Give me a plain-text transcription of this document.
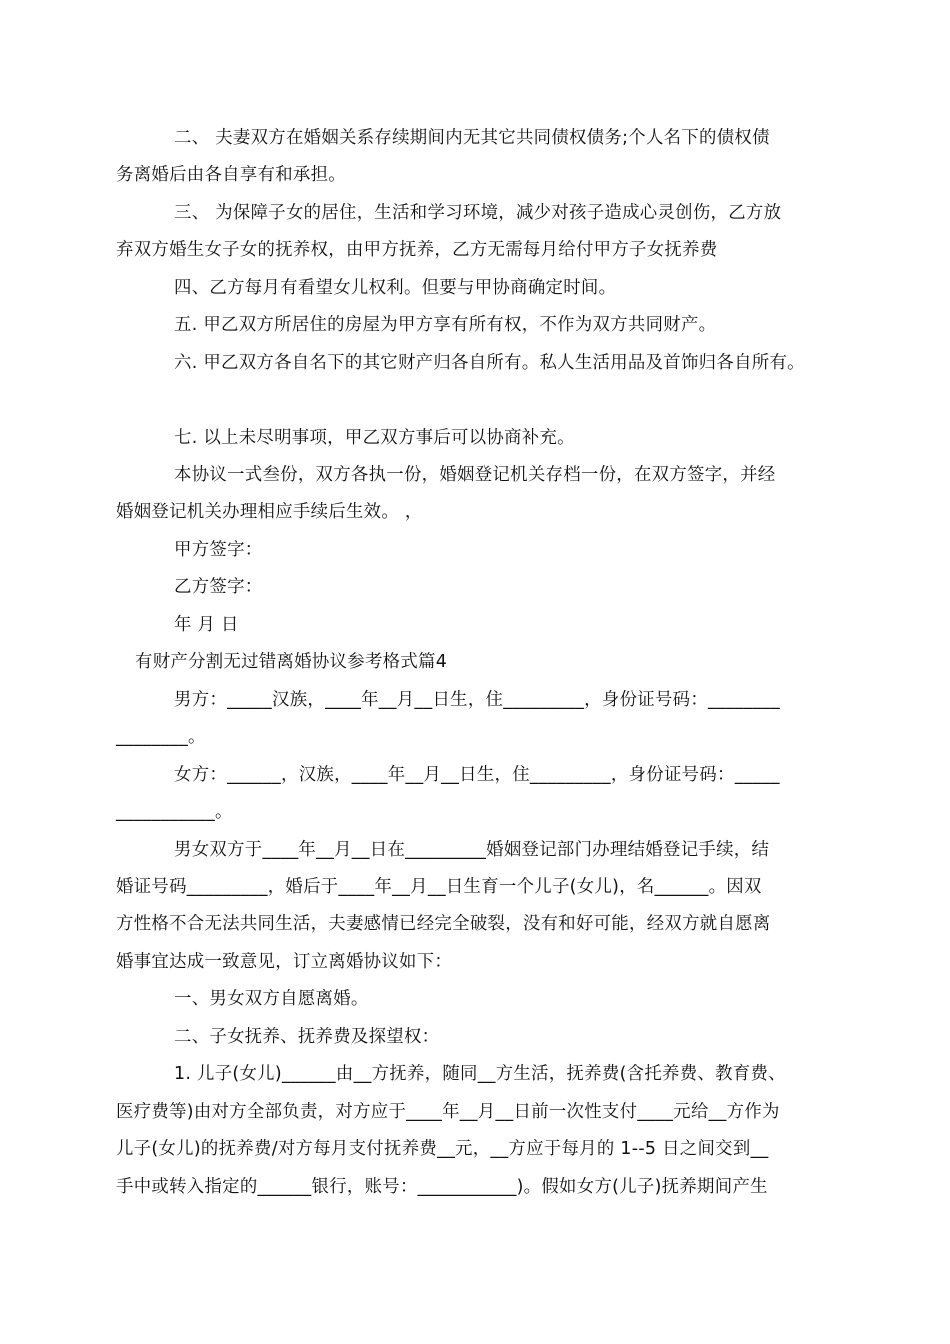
二、 夫妻双方在婚姻关系存续期间内无其它共同债权债务;个人名下的债权债
务离婚后由各自享有和承担。
三、 为保障子女的居住，生活和学习环境，减少对孩子造成心灵创伤，乙方放
弃双方婚生女子女的抚养权，由甲方抚养，乙方无需每月给付甲方子女抚养费
四、乙方每月有看望女儿权利。但要与甲协商确定时间。
五. 甲乙双方所居住的房屋为甲方享有所有权，不作为双方共同财产。
六. 甲乙双方各自名下的其它财产归各自所有。私人生活用品及首饰归各自所有。
七. 以上未尽明事项，甲乙双方事后可以协商补充。
本协议一式叁份，双方各执一份，婚姻登记机关存档一份，在双方签字，并经
婚姻登记机关办理相应手续后生效。 ，
甲方签字：
乙方签字：
年 月 日
有财产分割无过错离婚协议参考格式篇4
男方：_____汉族，____年__月__日生，住_________，身份证号码：________
________。
女方：______，汉族，____年__月__日生，住_________，身份证号码：_____
___________。
男女双方于____年__月__日在_________婚姻登记部门办理结婚登记手续，结
婚证号码_________，婚后于____年__月__日生育一个儿子(女儿)，名______。因双
方性格不合无法共同生活，夫妻感情已经完全破裂，没有和好可能，经双方就自愿离
婚事宜达成一致意见，订立离婚协议如下：
一、男女双方自愿离婚。
二、子女抚养、抚养费及探望权：
1. 儿子(女儿)______由__方抚养，随同__方生活，抚养费(含托养费、教育费、
医疗费等)由对方全部负责，对方应于____年__月__日前一次性支付____元给__方作为
儿子(女儿)的抚养费/对方每月支付抚养费__元，__方应于每月的 1--5 日之间交到__
手中或转入指定的______银行，账号：___________)。假如女方(儿子)抚养期间产生
